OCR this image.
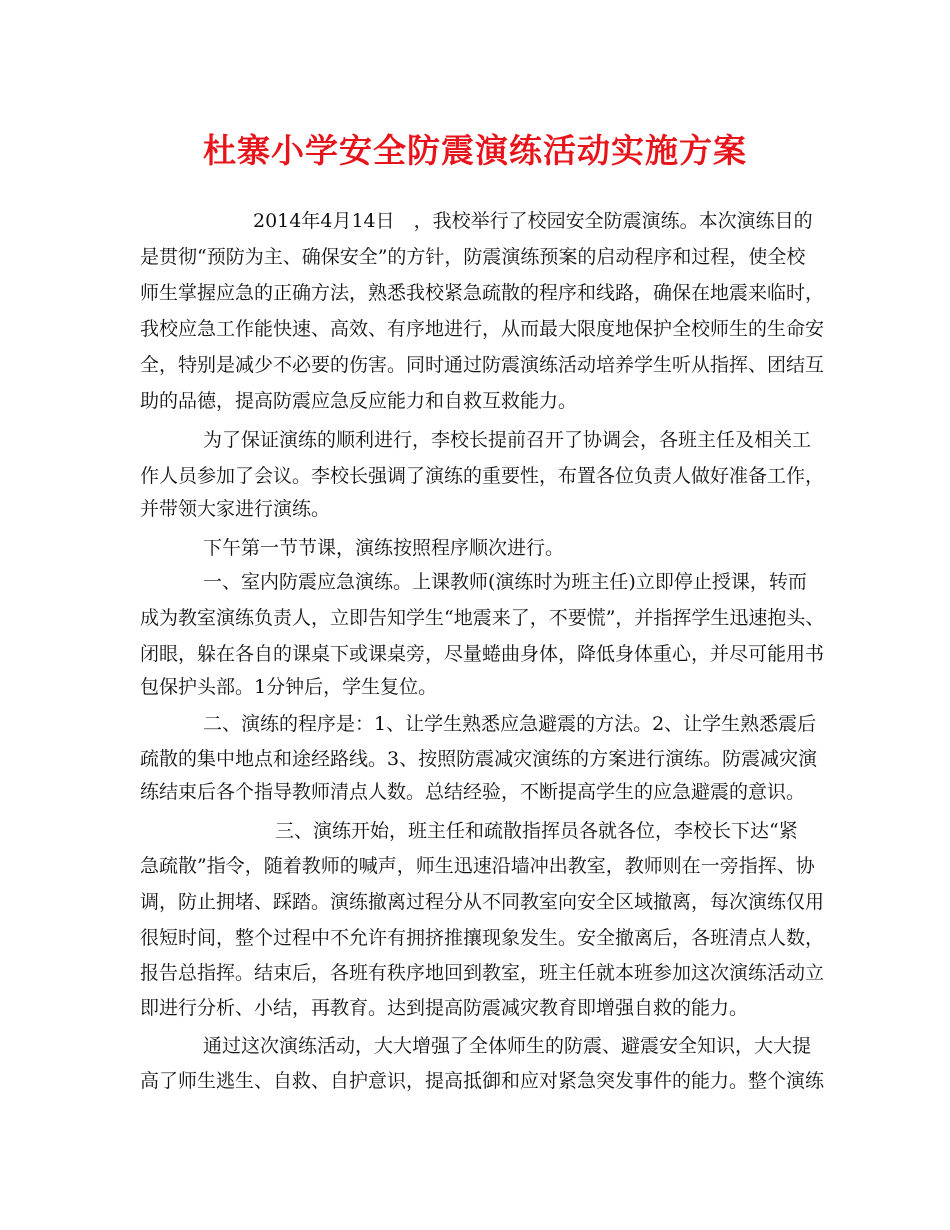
杜寨小学安全防震演练活动实施方案

2014年4月14日　，我校举行了校园安全防震演练。本次演练目的

是贯彻“预防为主、确保安全”的方针，防震演练预案的启动程序和过程，使全校

师生掌握应急的正确方法，熟悉我校紧急疏散的程序和线路，确保在地震来临时，

我校应急工作能快速、高效、有序地进行，从而最大限度地保护全校师生的生命安

全，特别是减少不必要的伤害。同时通过防震演练活动培养学生听从指挥、团结互

助的品德，提高防震应急反应能力和自救互救能力。

为了保证演练的顺利进行，李校长提前召开了协调会，各班主任及相关工

作人员参加了会议。李校长强调了演练的重要性，布置各位负责人做好准备工作，

并带领大家进行演练。

下午第一节节课，演练按照程序顺次进行。

一、室内防震应急演练。上课教师(演练时为班主任)立即停止授课，转而

成为教室演练负责人，立即告知学生“地震来了，不要慌”，并指挥学生迅速抱头、

闭眼，躲在各自的课桌下或课桌旁，尽量蜷曲身体，降低身体重心，并尽可能用书

包保护头部。1分钟后，学生复位。

二、演练的程序是：1、让学生熟悉应急避震的方法。2、让学生熟悉震后

疏散的集中地点和途经路线。3、按照防震减灾演练的方案进行演练。防震减灾演

练结束后各个指导教师清点人数。总结经验，不断提高学生的应急避震的意识。

三、演练开始，班主任和疏散指挥员各就各位，李校长下达“紧

急疏散”指令，随着教师的喊声，师生迅速沿墙冲出教室，教师则在一旁指挥、协

调，防止拥堵、踩踏。演练撤离过程分从不同教室向安全区域撤离，每次演练仅用

很短时间，整个过程中不允许有拥挤推攘现象发生。安全撤离后，各班清点人数，

报告总指挥。结束后，各班有秩序地回到教室，班主任就本班参加这次演练活动立

即进行分析、小结，再教育。达到提高防震减灾教育即增强自救的能力。

通过这次演练活动，大大增强了全体师生的防震、避震安全知识，大大提

高了师生逃生、自救、自护意识，提高抵御和应对紧急突发事件的能力。整个演练
